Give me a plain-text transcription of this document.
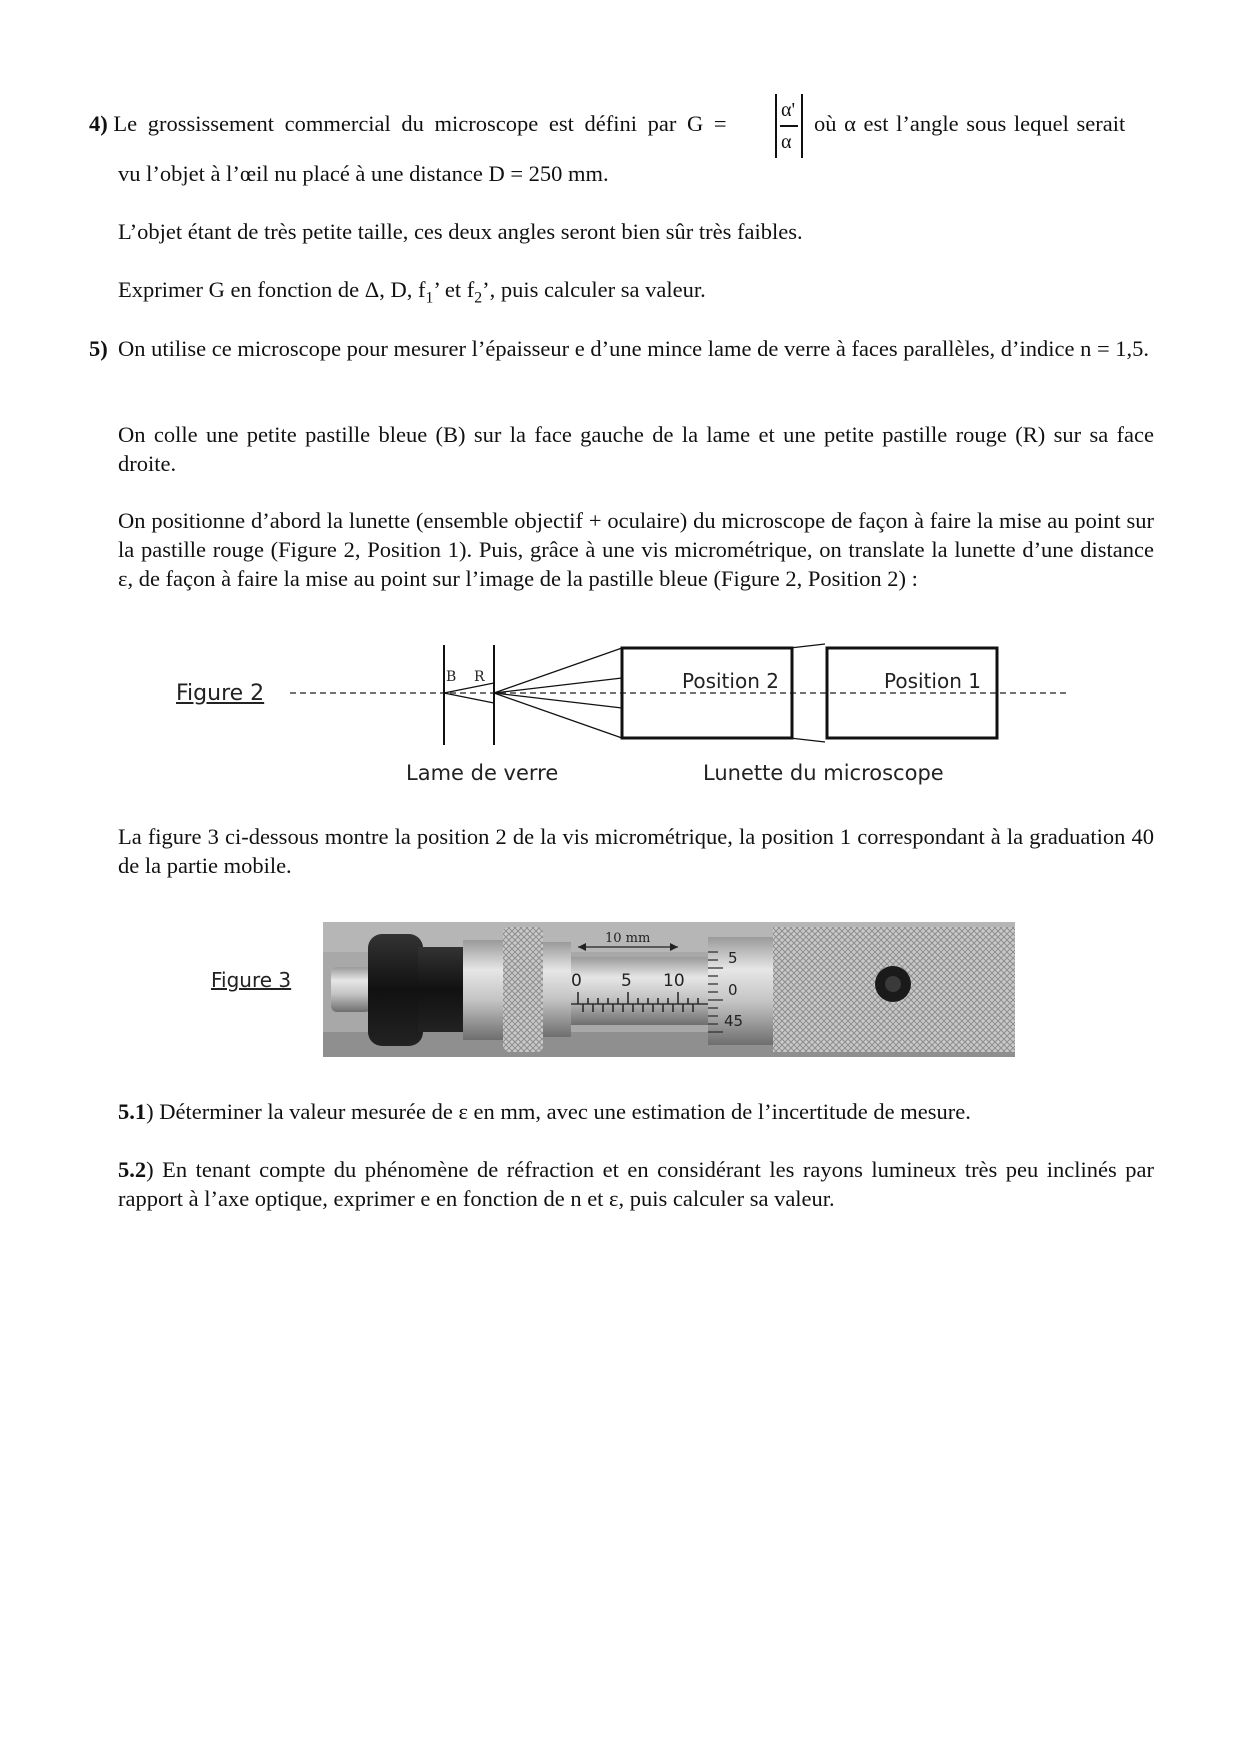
4) Le grossissement commercial du microscope est défini par G =
α'
α
où α est l’angle sous lequel serait
vu l’objet à l’œil nu placé à une distance D = 250 mm.
L’objet étant de très petite taille, ces deux angles seront bien sûr très faibles.
Exprimer G en fonction de Δ, D, $f_1$’ et $f_2$’, puis calculer sa valeur.
5) On utilise ce microscope pour mesurer l’épaisseur e d’une mince lame de verre à faces parallèles, d’indice n = 1,5.
On colle une petite pastille bleue (B) sur la face gauche de la lame et une petite pastille rouge (R) sur sa face droite.
On positionne d’abord la lunette (ensemble objectif + oculaire) du microscope de façon à faire la mise au point sur la pastille rouge (Figure 2, Position 1). Puis, grâce à une vis micrométrique, on translate la lunette d’une distance ε, de façon à faire la mise au point sur l’image de la pastille bleue (Figure 2, Position 2) :
Figure 2
B R	Position 2	Position 1
Lame de verre	Lunette du microscope
La figure 3 ci-dessous montre la position 2 de la vis micrométrique, la position 1 correspondant à la graduation 40 de la partie mobile.
Figure 3
10 mm
0 5 10
5
0
45
5.1) Déterminer la valeur mesurée de ε en mm, avec une estimation de l’incertitude de mesure.
5.2) En tenant compte du phénomène de réfraction et en considérant les rayons lumineux très peu inclinés par rapport à l’axe optique, exprimer e en fonction de n et ε, puis calculer sa valeur.
